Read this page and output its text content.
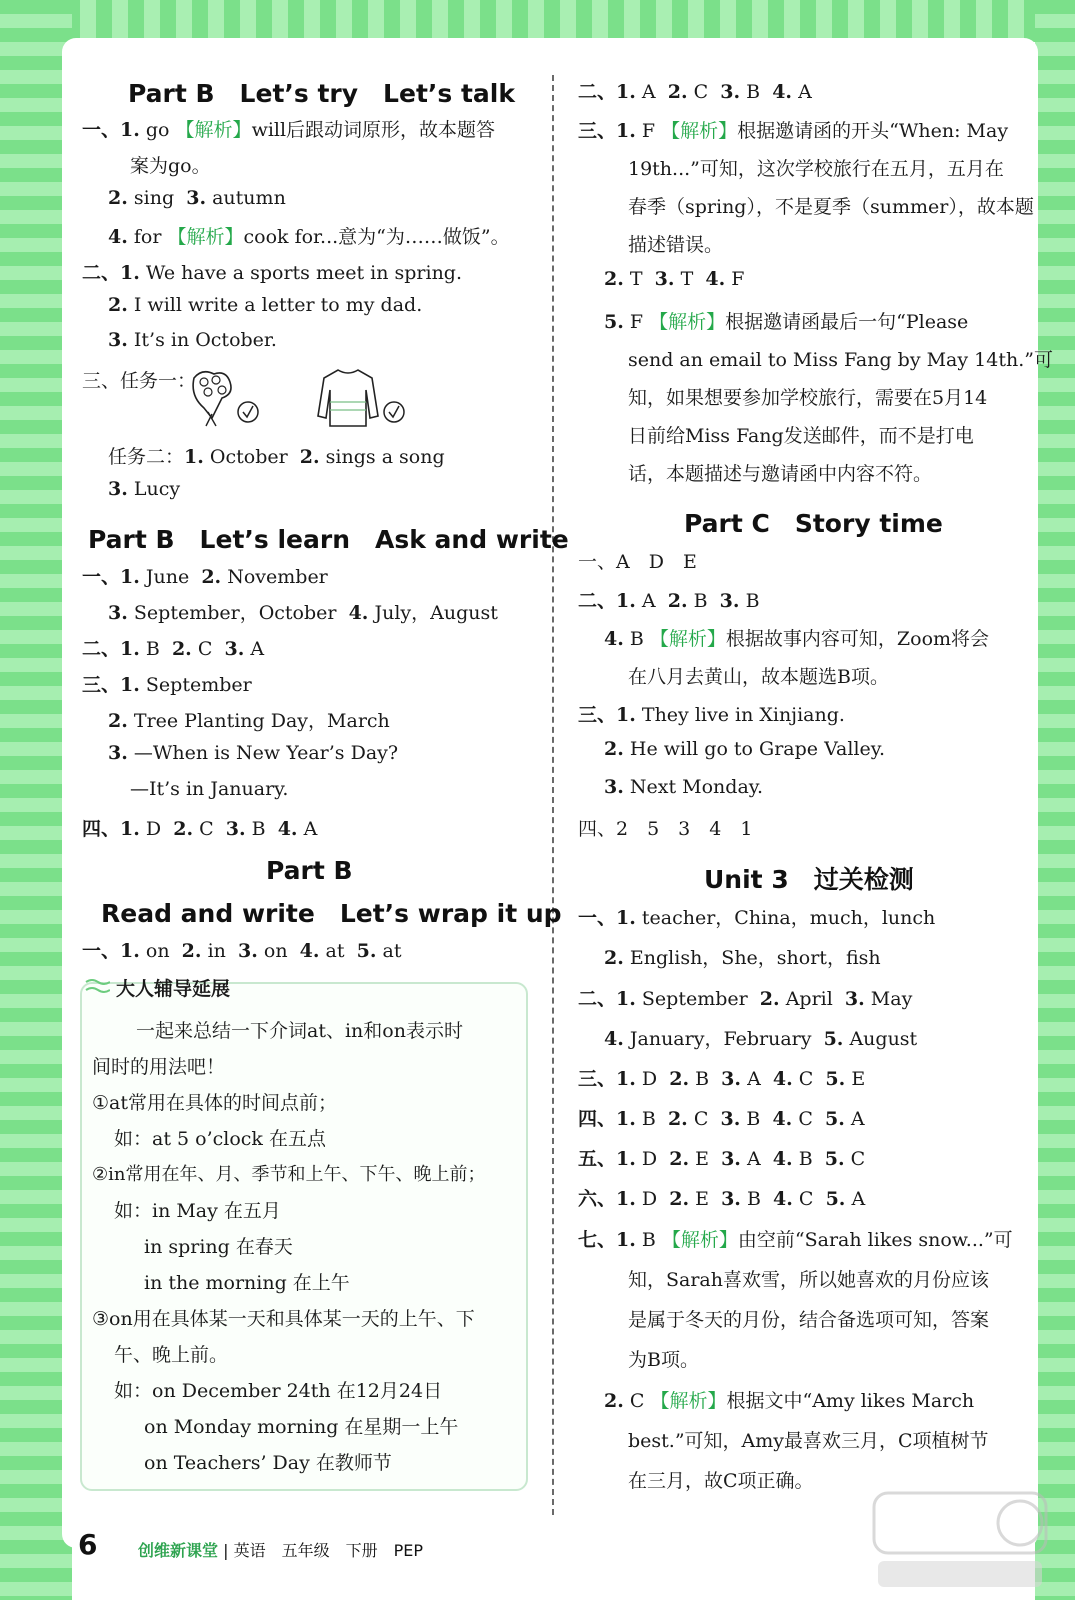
Part B　Let’s try　Let’s talk
一、1. go 【解析】will后跟动词原形，故本题答
案为go。
2. sing 3. autumn
4. for 【解析】cook for...意为“为……做饭”。
二、1. We have a sports meet in spring.
2. I will write a letter to my dad.
3. It’s in October.
三、任务一：
任务二：1. October 2. sings a song
3. Lucy
Part B　Let’s learn　Ask and write
一、1. June 2. November
3. September，October 4. July，August
二、1. B 2. C 3. A
三、1. September
2. Tree Planting Day，March
3. —When is New Year’s Day?
—It’s in January.
四、1. D 2. C 3. B 4. A
Part B
Read and write　Let’s wrap it up
一、1. on 2. in 3. on 4. at 5. at
大人辅导延展
一起来总结一下介词at、in和on表示时
间时的用法吧！
①at常用在具体的时间点前；
如：at 5 o’clock 在五点
②in常用在年、月、季节和上午、下午、晚上前；
如：in May 在五月
in spring 在春天
in the morning 在上午
③on用在具体某一天和具体某一天的上午、下
午、晚上前。
如：on December 24th 在12月24日
on Monday morning 在星期一上午
on Teachers’ Day 在教师节
二、1. A 2. C 3. B 4. A
三、1. F 【解析】根据邀请函的开头“When: May
19th...”可知，这次学校旅行在五月，五月在
春季（spring），不是夏季（summer），故本题
描述错误。
2. T 3. T 4. F
5. F 【解析】根据邀请函最后一句“Please
send an email to Miss Fang by May 14th.”可
知，如果想要参加学校旅行，需要在5月14
日前给Miss Fang发送邮件，而不是打电
话，本题描述与邀请函中内容不符。
Part C　Story time
一、A　D　E
二、1. A 2. B 3. B
4. B 【解析】根据故事内容可知，Zoom将会
在八月去黄山，故本题选B项。
三、1. They live in Xinjiang.
2. He will go to Grape Valley.
3. Next Monday.
四、2　5　3　4　1
Unit 3　过关检测
一、1. teacher，China，much，lunch
2. English，She，short，fish
二、1. September 2. April 3. May
4. January，February 5. August
三、1. D 2. B 3. A 4. C 5. E
四、1. B 2. C 3. B 4. C 5. A
五、1. D 2. E 3. A 4. B 5. C
六、1. D 2. E 3. B 4. C 5. A
七、1. B 【解析】由空前“Sarah likes snow...”可
知，Sarah喜欢雪，所以她喜欢的月份应该
是属于冬天的月份，结合备选项可知，答案
为B项。
2. C 【解析】根据文中“Amy likes March
best.”可知，Amy最喜欢三月，C项植树节
在三月，故C项正确。
6	创维新课堂 | 英语　五年级　下册　PEP
